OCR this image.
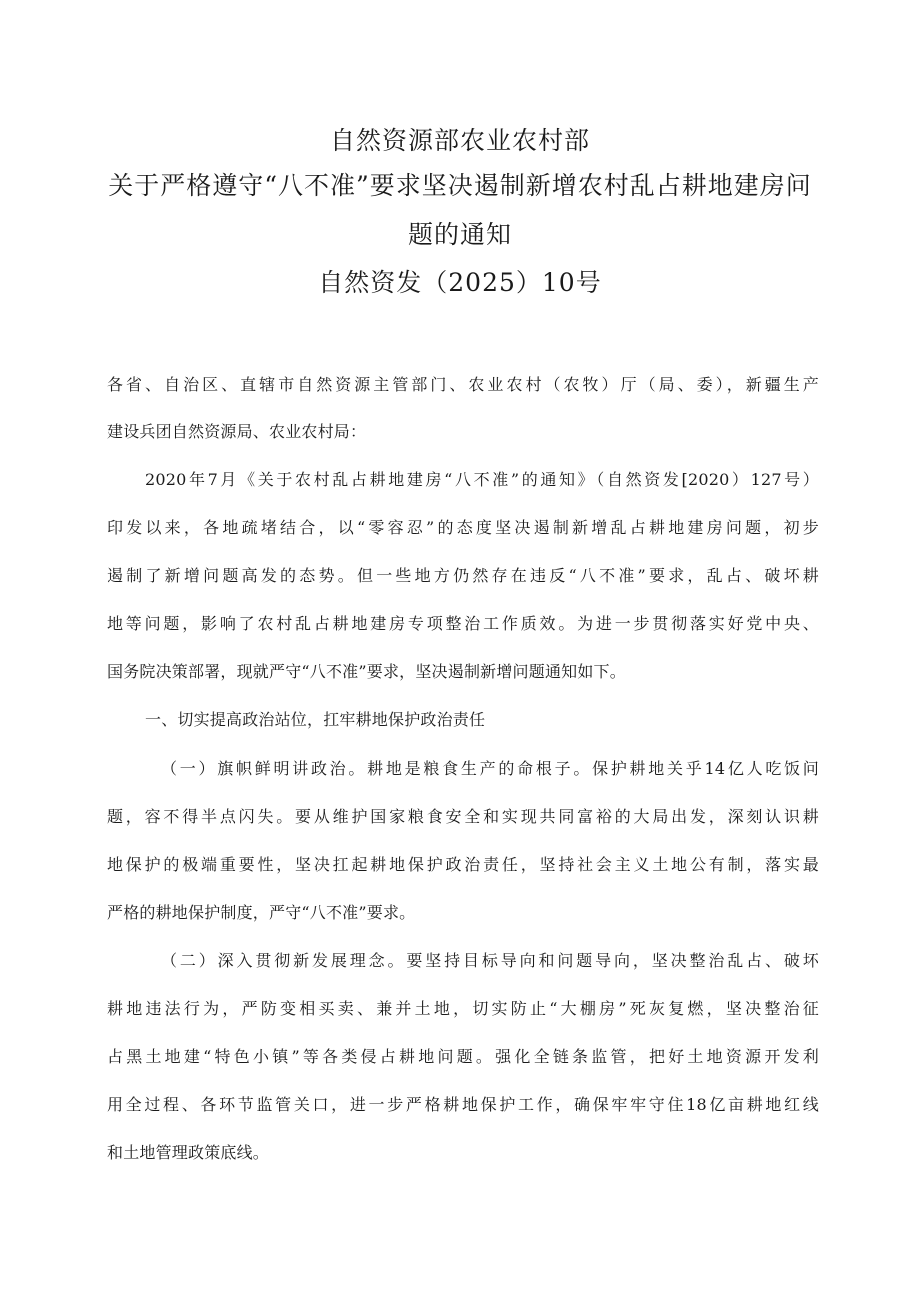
自然资源部农业农村部
关于严格遵守“八不准”要求坚决遏制新增农村乱占耕地建房问
题的通知
自然资发（2025）10号
各省、自治区、直辖市自然资源主管部门、农业农村（农牧）厅（局、委），新疆生产
建设兵团自然资源局、农业农村局：
2020年7月《关于农村乱占耕地建房“八不准”的通知》（自然资发[2020）127号）
印发以来，各地疏堵结合，以“零容忍”的态度坚决遏制新增乱占耕地建房问题，初步
遏制了新增问题高发的态势。但一些地方仍然存在违反“八不准”要求，乱占、破坏耕
地等问题，影响了农村乱占耕地建房专项整治工作质效。为进一步贯彻落实好党中央、
国务院决策部署，现就严守“八不准”要求，坚决遏制新增问题通知如下。
一、切实提高政治站位，扛牢耕地保护政治责任
（一）旗帜鲜明讲政治。耕地是粮食生产的命根子。保护耕地关乎14亿人吃饭问
题，容不得半点闪失。要从维护国家粮食安全和实现共同富裕的大局出发，深刻认识耕
地保护的极端重要性，坚决扛起耕地保护政治责任，坚持社会主义土地公有制，落实最
严格的耕地保护制度，严守“八不准”要求。
（二）深入贯彻新发展理念。要坚持目标导向和问题导向，坚决整治乱占、破坏
耕地违法行为，严防变相买卖、兼并土地，切实防止“大棚房”死灰复燃，坚决整治征
占黑土地建“特色小镇”等各类侵占耕地问题。强化全链条监管，把好土地资源开发利
用全过程、各环节监管关口，进一步严格耕地保护工作，确保牢牢守住18亿亩耕地红线
和土地管理政策底线。
